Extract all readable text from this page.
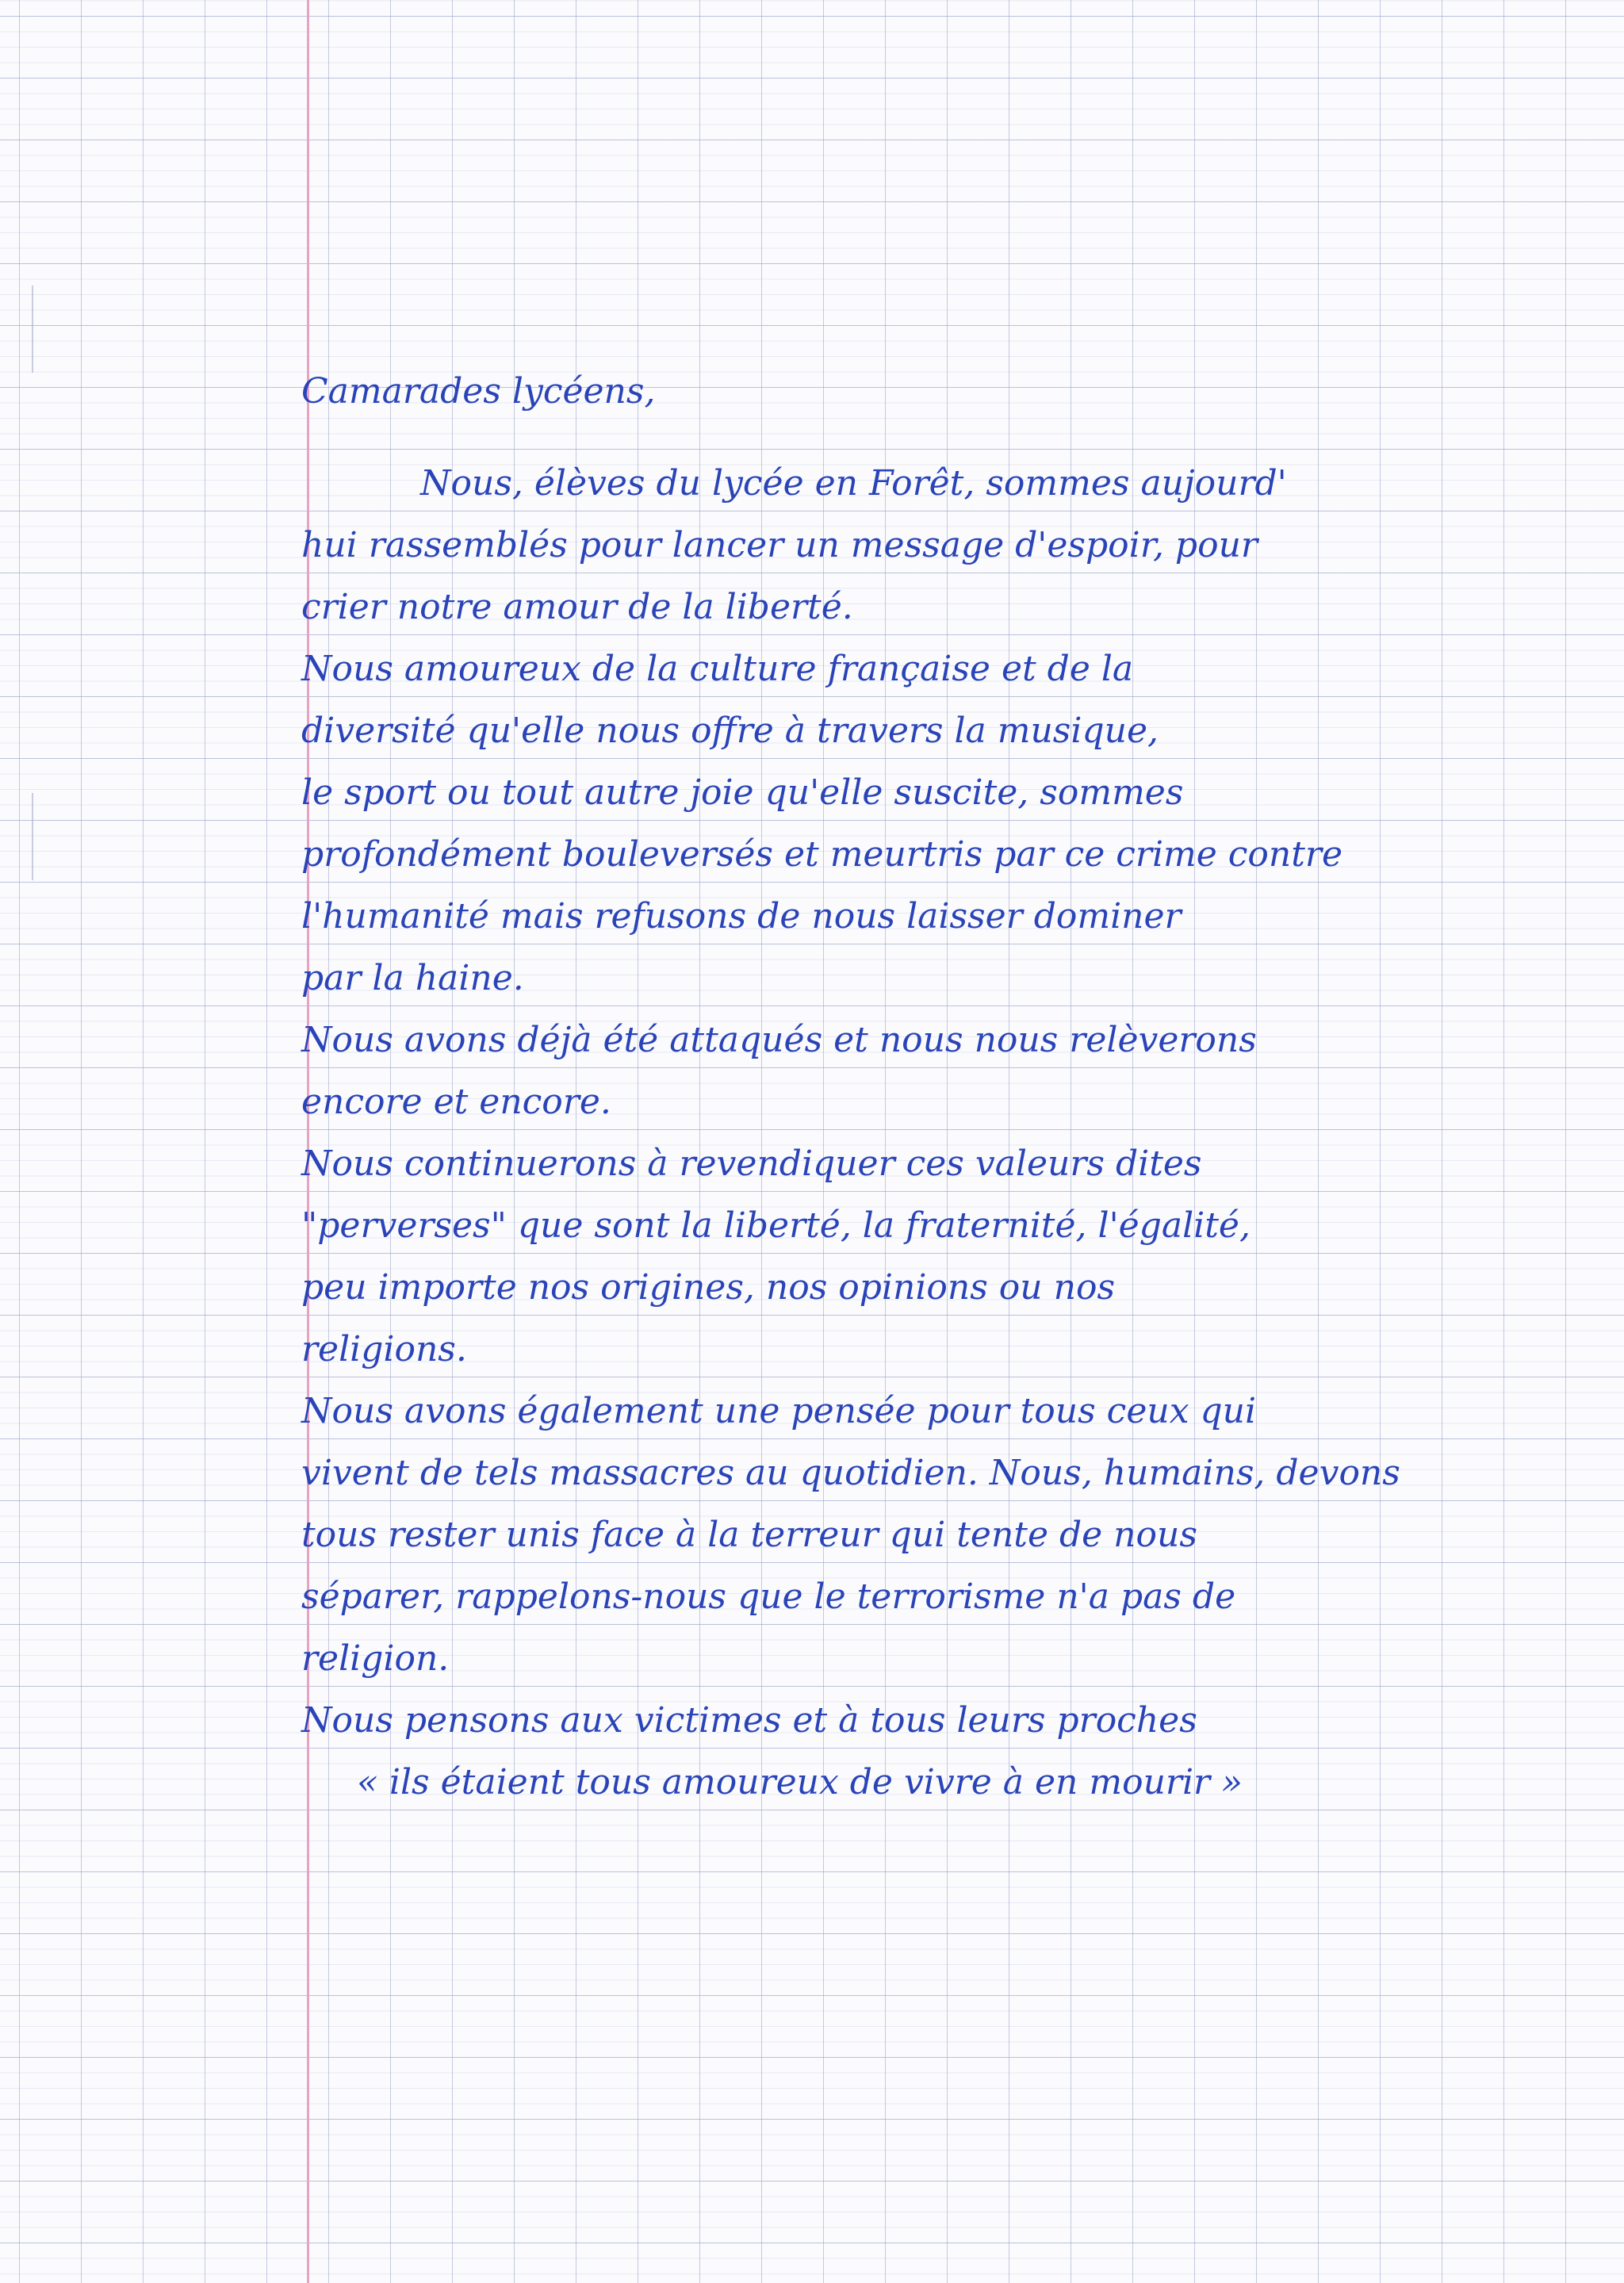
Camarades lycéens,

Nous, élèves du lycée en Forêt, sommes aujourd'

hui rassemblés pour lancer un message d'espoir, pour

crier notre amour de la liberté.

Nous amoureux de la culture française et de la

diversité qu'elle nous offre à travers la musique,

le sport ou tout autre joie qu'elle suscite, sommes

profondément bouleversés et meurtris par ce crime contre

l'humanité mais refusons de nous laisser dominer

par la haine.

Nous avons déjà été attaqués et nous nous relèverons

encore et encore.

Nous continuerons à revendiquer ces valeurs dites

"perverses" que sont la liberté, la fraternité, l'égalité,

peu importe nos origines, nos opinions ou nos

religions.

Nous avons également une pensée pour tous ceux qui

vivent de tels massacres au quotidien. Nous, humains, devons

tous rester unis face à la terreur qui tente de nous

séparer, rappelons-nous que le terrorisme n'a pas de

religion.

Nous pensons aux victimes et à tous leurs proches

« ils étaient tous amoureux de vivre à en mourir »
